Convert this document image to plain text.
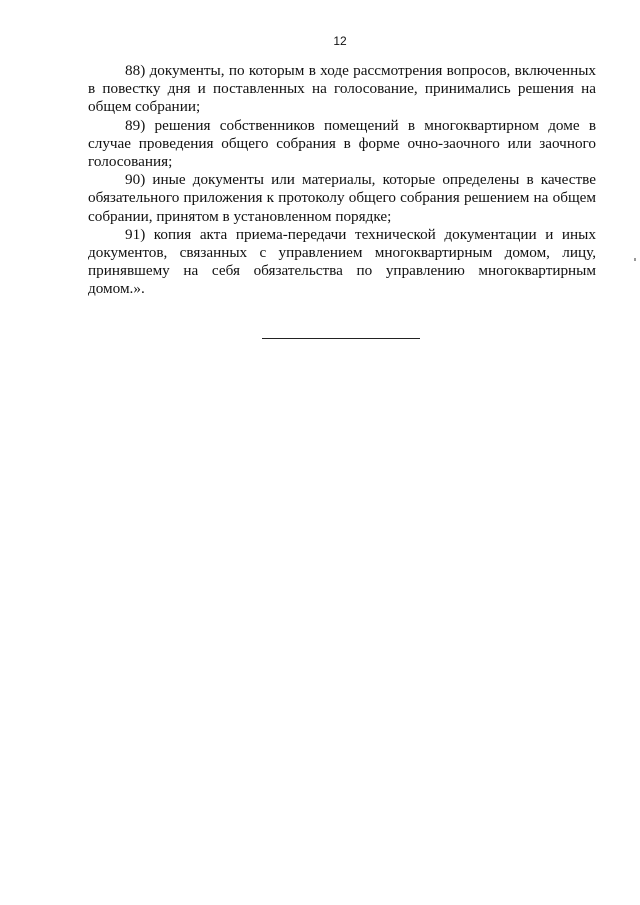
12

88) документы, по которым в ходе рассмотрения вопросов, включенных в повестку дня и поставленных на голосование, принимались решения на общем собрании;

89) решения собственников помещений в многоквартирном доме в случае проведения общего собрания в форме очно-заочного или заочного голосования;

90) иные документы или материалы, которые определены в качестве обязательного приложения к протоколу общего собрания решением на общем собрании, принятом в установленном порядке;

91) копия акта приема-передачи технической документации и иных документов, связанных с управлением многоквартирным домом, лицу, принявшему на себя обязательства по управлению многоквартирным домом.».
